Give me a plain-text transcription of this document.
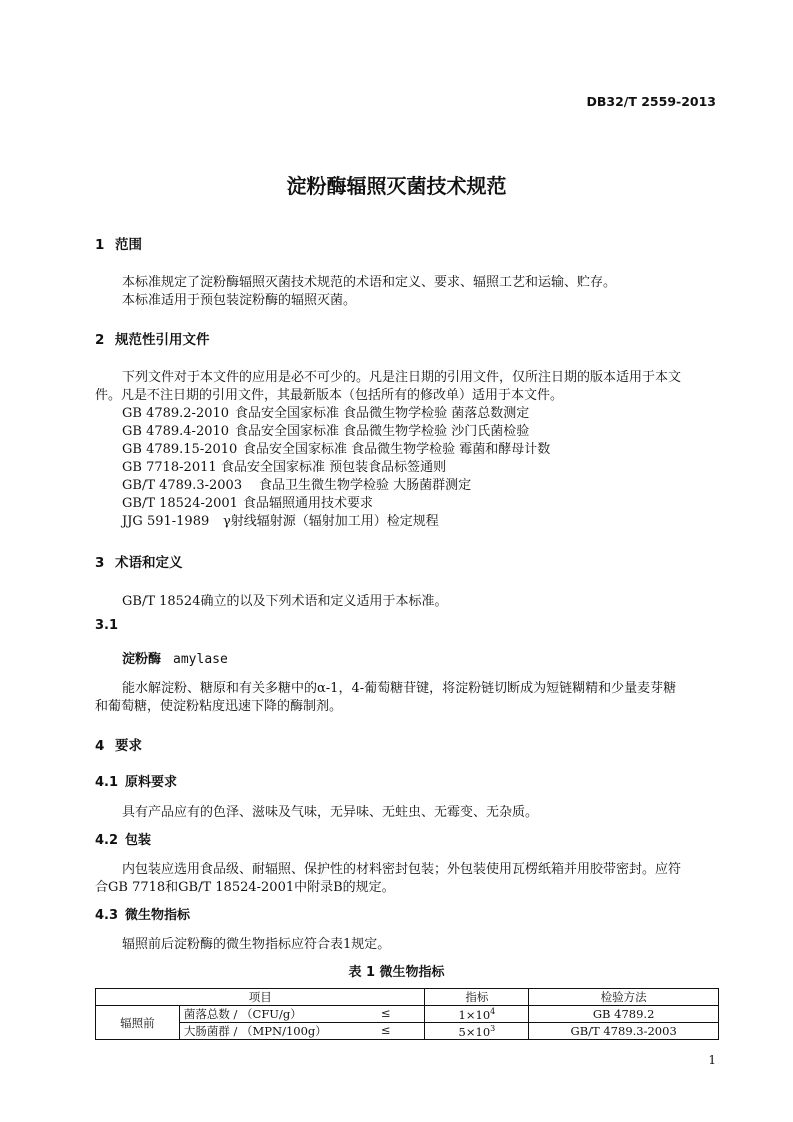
DB32/T 2559-2013
淀粉酶辐照灭菌技术规范
1 范围
本标准规定了淀粉酶辐照灭菌技术规范的术语和定义、要求、辐照工艺和运输、贮存。
本标准适用于预包装淀粉酶的辐照灭菌。
2 规范性引用文件
下列文件对于本文件的应用是必不可少的。凡是注日期的引用文件，仅所注日期的版本适用于本文
件。凡是不注日期的引用文件，其最新版本（包括所有的修改单）适用于本文件。
GB 4789.2-2010 食品安全国家标准 食品微生物学检验 菌落总数测定
GB 4789.4-2010 食品安全国家标准 食品微生物学检验 沙门氏菌检验
GB 4789.15-2010 食品安全国家标准 食品微生物学检验 霉菌和酵母计数
GB 7718-2011 食品安全国家标准 预包装食品标签通则
GB/T 4789.3-2003 食品卫生微生物学检验 大肠菌群测定
GB/T 18524-2001 食品辐照通用技术要求
JJG 591-1989 γ射线辐射源（辐射加工用）检定规程
3 术语和定义
GB/T 18524确立的以及下列术语和定义适用于本标准。
3.1
淀粉酶 amylase
能水解淀粉、糖原和有关多糖中的α-1，4-葡萄糖苷键，将淀粉链切断成为短链糊精和少量麦芽糖
和葡萄糖，使淀粉粘度迅速下降的酶制剂。
4 要求
4.1 原料要求
具有产品应有的色泽、滋味及气味，无异味、无蛀虫、无霉变、无杂质。
4.2 包装
内包装应选用食品级、耐辐照、保护性的材料密封包装；外包装使用瓦楞纸箱并用胶带密封。应符
合GB 7718和GB/T 18524-2001中附录B的规定。
4.3 微生物指标
辐照前后淀粉酶的微生物指标应符合表1规定。
表 1 微生物指标
项目		指标	检验方法
辐照前	菌落总数 / （CFU/g） ≤	$1\times 10^4$	GB 4789.2
	大肠菌群 / （MPN/100g） ≤	$5\times 10^3$	GB/T 4789.3-2003
1
